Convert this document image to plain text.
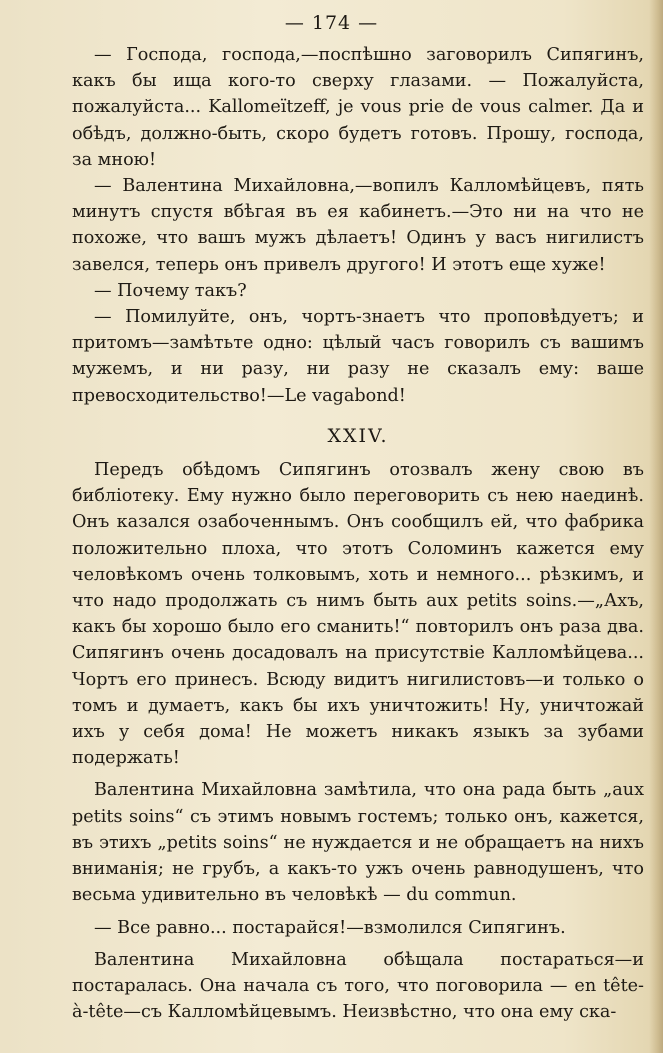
— 174 —

— Господа, господа,—поспѣшно заговорилъ Сипягинъ, какъ бы ища кого-то сверху глазами. — Пожалуйста, пожалуйста... Kallomeïtzeff, je vous prie de vous calmer. Да и обѣдъ, должно-быть, скоро будетъ готовъ. Прошу, господа, за мною!

— Валентина Михайловна,—вопилъ Калломѣйцевъ, пять минутъ спустя вбѣгая въ ея кабинетъ.—Это ни на что не похоже, что вашъ мужъ дѣлаетъ! Одинъ у васъ нигилистъ завелся, теперь онъ привелъ другого! И этотъ еще хуже!

— Почему такъ?

— Помилуйте, онъ, чортъ-знаетъ что проповѣдуетъ; и притомъ—замѣтьте одно: цѣлый часъ говорилъ съ вашимъ мужемъ, и ни разу, ни разу не сказалъ ему: ваше превосходительство!—Le vagabond!

XXIV.

Передъ обѣдомъ Сипягинъ отозвалъ жену свою въ библіотеку. Ему нужно было переговорить съ нею наединѣ. Онъ казался озабоченнымъ. Онъ сообщилъ ей, что фабрика положительно плоха, что этотъ Соломинъ кажется ему человѣкомъ очень толковымъ, хоть и немного... рѣзкимъ, и что надо продолжать съ нимъ быть aux petits soins.—„Ахъ, какъ бы хорошо было его сманить!“ повторилъ онъ раза два. Сипягинъ очень досадовалъ на присутствіе Калломѣйцева... Чортъ его принесъ. Всюду видитъ нигилистовъ—и только о томъ и думаетъ, какъ бы ихъ уничтожить! Ну, уничтожай ихъ у себя дома! Не можетъ никакъ языкъ за зубами подержать!

Валентина Михайловна замѣтила, что она рада быть „aux petits soins“ съ этимъ новымъ гостемъ; только онъ, кажется, въ этихъ „petits soins“ не нуждается и не обращаетъ на нихъ вниманія; не грубъ, а какъ-то ужъ очень равнодушенъ, что весьма удивительно въ человѣкѣ — du commun.

— Все равно... постарайся!—взмолился Сипягинъ.

Валентина Михайловна обѣщала постараться—и постаралась. Она начала съ того, что поговорила — en tête-à-tête—съ Калломѣйцевымъ. Неизвѣстно, что она ему ска-
